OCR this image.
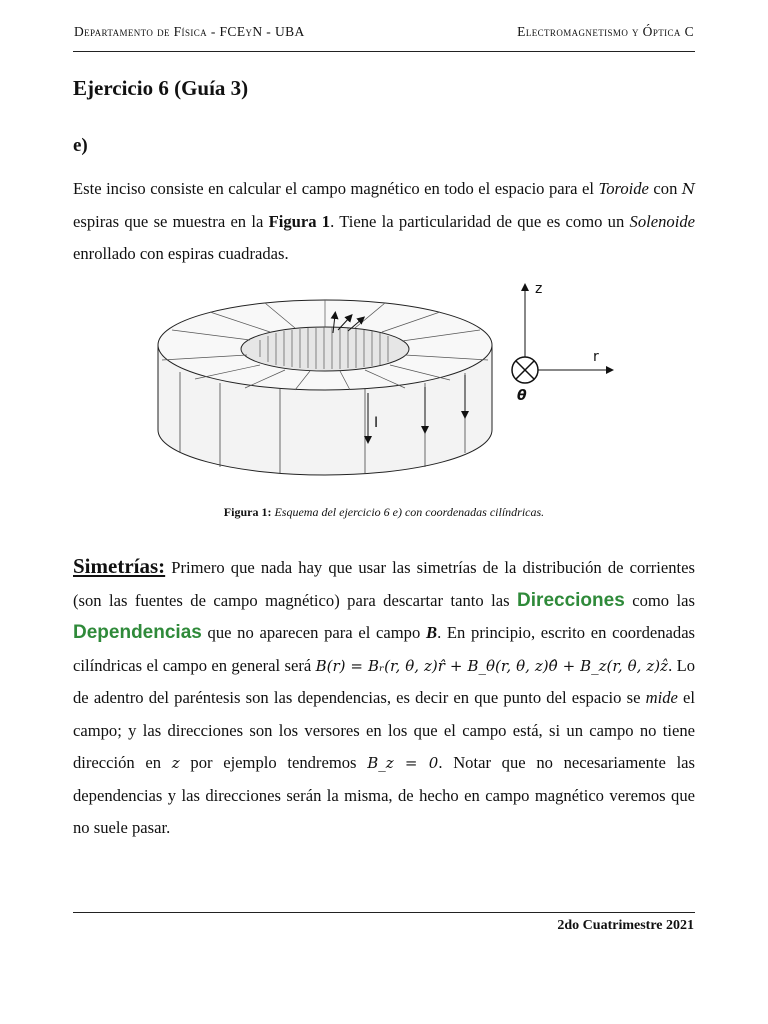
Departamento de Física - FCEyN - UBA	Electromagnetismo y Óptica C
Ejercicio 6 (Guía 3)
e)

Este inciso consiste en calcular el campo magnético en todo el espacio para el Toroide con N espiras que se muestra en la Figura 1. Tiene la particularidad de que es como un Solenoide enrollado con espiras cuadradas.

I
z
r
θ
Figura 1: Esquema del ejercicio 6 e) con coordenadas cilíndricas.

Simetrías: Primero que nada hay que usar las simetrías de la distribución de corrientes (son las fuentes de campo magnético) para descartar tanto las Direcciones como las Dependencias que no aparecen para el campo B. En principio, escrito en coordenadas cilíndricas el campo en general será B(r) = Bᵣ(r, θ, z)r̂ + B_θ(r, θ, z)θ̂ + B_z(r, θ, z)ẑ. Lo de adentro del paréntesis son las dependencias, es decir en que punto del espacio se mide el campo; y las direcciones son los versores en los que el campo está, si un campo no tiene dirección en z por ejemplo tendremos B_z = 0. Notar que no necesariamente las dependencias y las direcciones serán la misma, de hecho en campo magnético veremos que no suele pasar.

2do Cuatrimestre 2021
